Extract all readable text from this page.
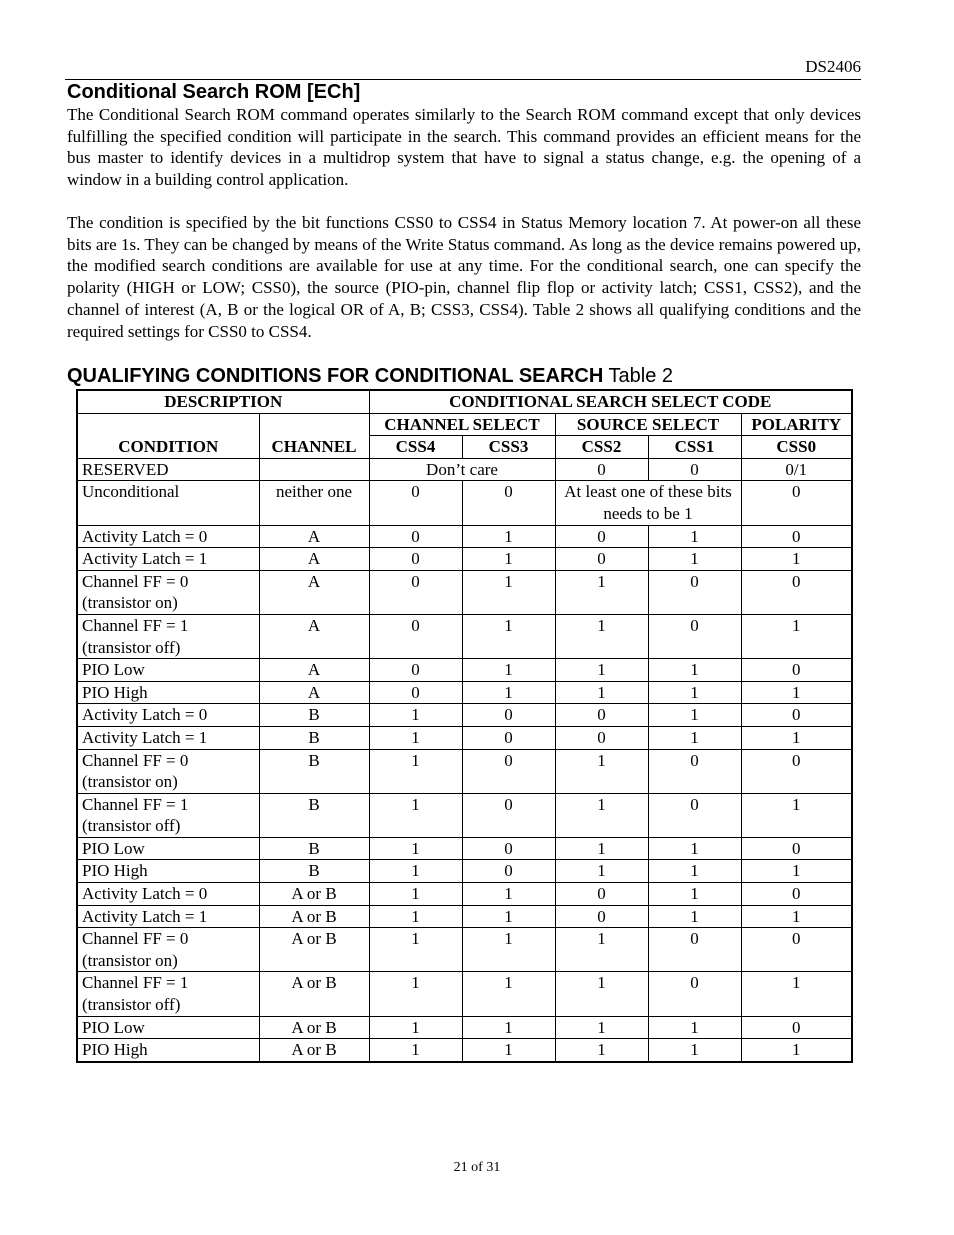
DS2406
Conditional Search ROM [ECh]
The Conditional Search ROM command operates similarly to the Search ROM command except that only devices fulfilling the specified condition will participate in the search. This command provides an efficient means for the bus master to identify devices in a multidrop system that have to signal a status change, e.g. the opening of a window in a building control application.
The condition is specified by the bit functions CSS0 to CSS4 in Status Memory location 7. At power-on all these bits are 1s. They can be changed by means of the Write Status command. As long as the device remains powered up, the modified search conditions are available for use at any time. For the conditional search, one can specify the polarity (HIGH or LOW; CSS0), the source (PIO-pin, channel flip flop or activity latch; CSS1, CSS2), and the channel of interest (A, B or the logical OR of A, B; CSS3, CSS4). Table 2 shows all qualifying conditions and the required settings for CSS0 to CSS4.
QUALIFYING CONDITIONS FOR CONDITIONAL SEARCH Table 2
DESCRIPTION		CONDITIONAL SEARCH SELECT CODE				
CONDITION	CHANNEL	CHANNEL SELECT		SOURCE SELECT		POLARITY
		CSS4	CSS3	CSS2	CSS1	CSS0
RESERVED		Don’t care		0	0	0/1
Unconditional	neither one	0	0	At least one of these bits needs to be 1		0
Activity Latch = 0	A	0	1	0	1	0
Activity Latch = 1	A	0	1	0	1	1
Channel FF = 0 (transistor on)	A	0	1	1	0	0
Channel FF = 1 (transistor off)	A	0	1	1	0	1
PIO Low	A	0	1	1	1	0
PIO High	A	0	1	1	1	1
Activity Latch = 0	B	1	0	0	1	0
Activity Latch = 1	B	1	0	0	1	1
Channel FF = 0 (transistor on)	B	1	0	1	0	0
Channel FF = 1 (transistor off)	B	1	0	1	0	1
PIO Low	B	1	0	1	1	0
PIO High	B	1	0	1	1	1
Activity Latch = 0	A or B	1	1	0	1	0
Activity Latch = 1	A or B	1	1	0	1	1
Channel FF = 0 (transistor on)	A or B	1	1	1	0	0
Channel FF = 1 (transistor off)	A or B	1	1	1	0	1
PIO Low	A or B	1	1	1	1	0
PIO High	A or B	1	1	1	1	1
21 of 31
